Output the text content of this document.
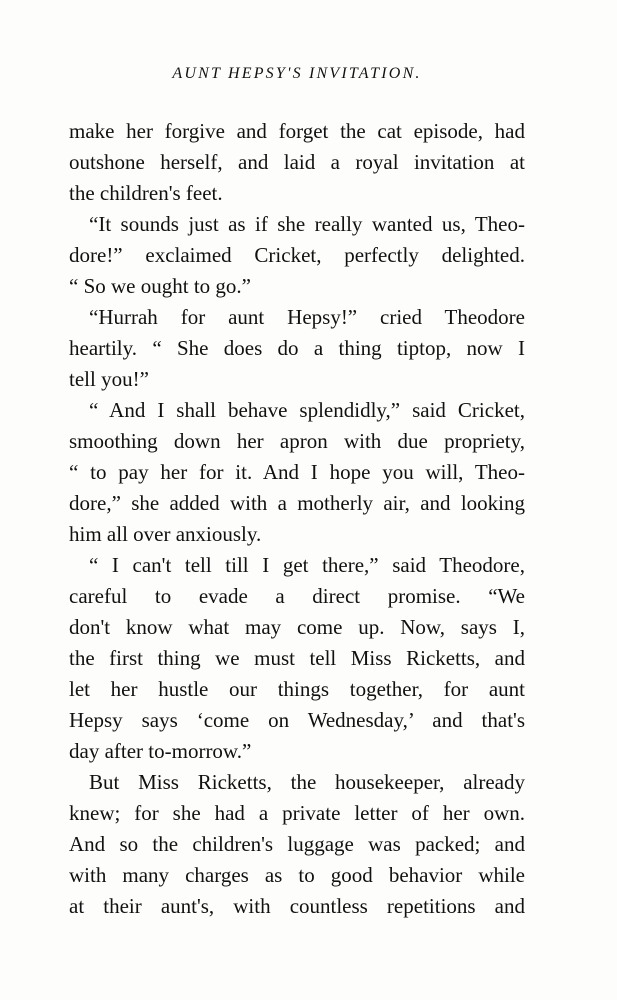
AUNT HEPSY'S INVITATION.
make her forgive and forget the cat episode, had
outshone herself, and laid a royal invitation at
the children's feet.
“It sounds just as if she really wanted us, Theo-
dore!” exclaimed Cricket, perfectly delighted.
“ So we ought to go.”
“Hurrah for aunt Hepsy!” cried Theodore
heartily. “ She does do a thing tiptop, now I
tell you!”
“ And I shall behave splendidly,” said Cricket,
smoothing down her apron with due propriety,
“ to pay her for it. And I hope you will, Theo-
dore,” she added with a motherly air, and looking
him all over anxiously.
“ I can't tell till I get there,” said Theodore,
careful to evade a direct promise. “We
don't know what may come up. Now, says I,
the first thing we must tell Miss Ricketts, and
let her hustle our things together, for aunt
Hepsy says ‘come on Wednesday,’ and that's
day after to-morrow.”
But Miss Ricketts, the housekeeper, already
knew; for she had a private letter of her own.
And so the children's luggage was packed; and
with many charges as to good behavior while
at their aunt's, with countless repetitions and
